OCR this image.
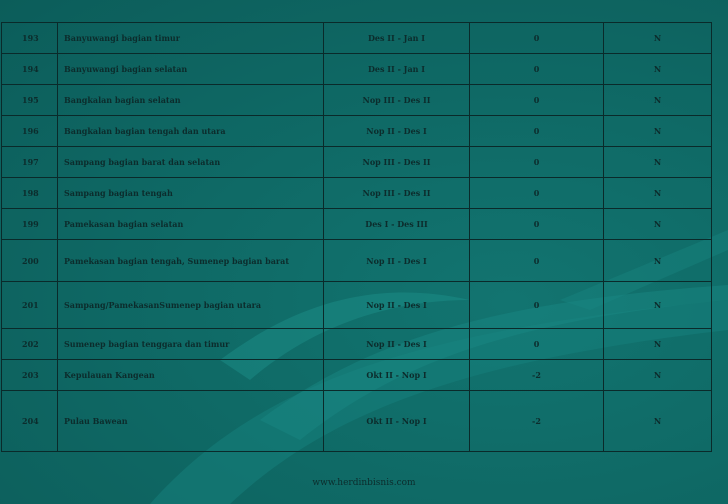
193	Banyuwangi bagian timur	Des II - Jan I	0	N
194	Banyuwangi bagian selatan	Des II - Jan I	0	N
195	Bangkalan bagian selatan	Nop III - Des II	0	N
196	Bangkalan bagian tengah dan utara	Nop II - Des I	0	N
197	Sampang bagian barat dan selatan	Nop III - Des II	0	N
198	Sampang bagian tengah	Nop III - Des II	0	N
199	Pamekasan bagian selatan	Des I - Des III	0	N
200	Pamekasan bagian tengah, Sumenep bagian barat	Nop II - Des I	0	N
201	Sampang/PamekasanSumenep bagian utara	Nop II - Des I	0	N
202	Sumenep bagian tenggara dan timur	Nop II - Des I	0	N
203	Kepulauan Kangean	Okt II - Nop I	-2	N
204	Pulau Bawean	Okt II - Nop I	-2	N
www.herdinbisnis.com
